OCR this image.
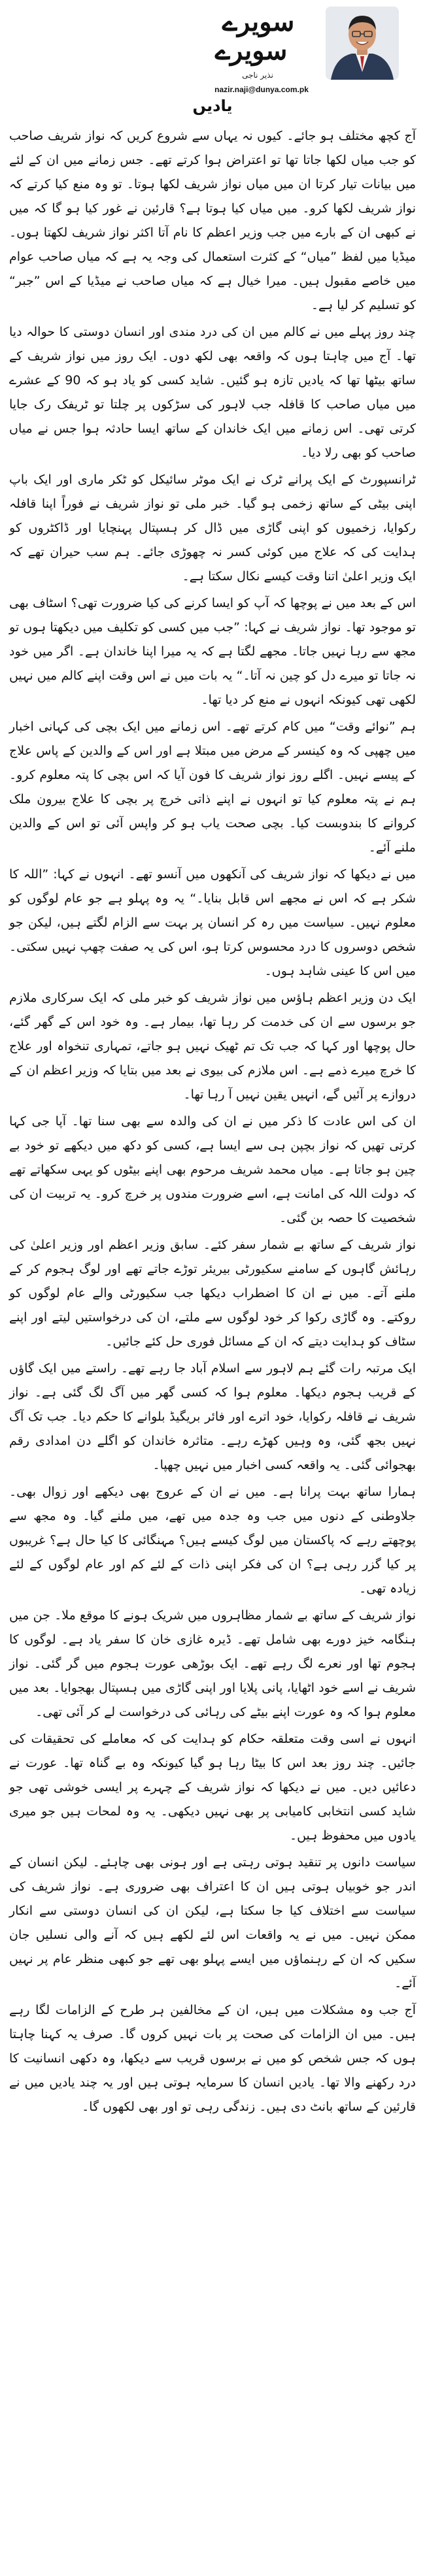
سویرے
سویرے
نذیر ناجی
nazir.naji@dunya.com.pk
یادیں

آج کچھ مختلف ہو جائے۔ کیوں نہ یہاں سے شروع کریں کہ نواز شریف صاحب کو جب میاں لکھا جاتا تھا تو اعتراض ہوا کرتے تھے۔ جس زمانے میں ان کے لئے میں بیانات تیار کرتا ان میں میاں نواز شریف لکھا ہوتا۔ تو وہ منع کیا کرتے کہ نواز شریف لکھا کرو۔ میں میاں کیا ہوتا ہے؟ قارئین نے غور کیا ہو گا کہ میں نے کبھی ان کے بارے میں جب وزیر اعظم کا نام آتا اکثر نواز شریف لکھتا ہوں۔ میڈیا میں لفظ ”میاں“ کے کثرت استعمال کی وجہ یہ ہے کہ میاں صاحب عوام میں خاصے مقبول ہیں۔ میرا خیال ہے کہ میاں صاحب نے میڈیا کے اس ”جبر“ کو تسلیم کر لیا ہے۔

چند روز پہلے میں نے کالم میں ان کی درد مندی اور انسان دوستی کا حوالہ دیا تھا۔ آج میں چاہتا ہوں کہ واقعہ بھی لکھ دوں۔ ایک روز میں نواز شریف کے ساتھ بیٹھا تھا کہ یادیں تازہ ہو گئیں۔ شاید کسی کو یاد ہو کہ 90 کے عشرے میں میاں صاحب کا قافلہ جب لاہور کی سڑکوں پر چلتا تو ٹریفک رک جایا کرتی تھی۔ اس زمانے میں ایک خاندان کے ساتھ ایسا حادثہ ہوا جس نے میاں صاحب کو بھی رلا دیا۔

ٹرانسپورٹ کے ایک پرانے ٹرک نے ایک موٹر سائیکل کو ٹکر ماری اور ایک باپ اپنی بیٹی کے ساتھ زخمی ہو گیا۔ خبر ملی تو نواز شریف نے فوراً اپنا قافلہ رکوایا، زخمیوں کو اپنی گاڑی میں ڈال کر ہسپتال پہنچایا اور ڈاکٹروں کو ہدایت کی کہ علاج میں کوئی کسر نہ چھوڑی جائے۔ ہم سب حیران تھے کہ ایک وزیر اعلیٰ اتنا وقت کیسے نکال سکتا ہے۔

اس کے بعد میں نے پوچھا کہ آپ کو ایسا کرنے کی کیا ضرورت تھی؟ اسٹاف بھی تو موجود تھا۔ نواز شریف نے کہا: ”جب میں کسی کو تکلیف میں دیکھتا ہوں تو مجھ سے رہا نہیں جاتا۔ مجھے لگتا ہے کہ یہ میرا اپنا خاندان ہے۔ اگر میں خود نہ جاتا تو میرے دل کو چین نہ آتا۔“ یہ بات میں نے اس وقت اپنے کالم میں نہیں لکھی تھی کیونکہ انہوں نے منع کر دیا تھا۔

ہم ”نوائے وقت“ میں کام کرتے تھے۔ اس زمانے میں ایک بچی کی کہانی اخبار میں چھپی کہ وہ کینسر کے مرض میں مبتلا ہے اور اس کے والدین کے پاس علاج کے پیسے نہیں۔ اگلے روز نواز شریف کا فون آیا کہ اس بچی کا پتہ معلوم کرو۔ ہم نے پتہ معلوم کیا تو انہوں نے اپنے ذاتی خرچ پر بچی کا علاج بیرون ملک کروانے کا بندوبست کیا۔ بچی صحت یاب ہو کر واپس آئی تو اس کے والدین ملنے آئے۔

میں نے دیکھا کہ نواز شریف کی آنکھوں میں آنسو تھے۔ انہوں نے کہا: ”اللہ کا شکر ہے کہ اس نے مجھے اس قابل بنایا۔“ یہ وہ پہلو ہے جو عام لوگوں کو معلوم نہیں۔ سیاست میں رہ کر انسان پر بہت سے الزام لگتے ہیں، لیکن جو شخص دوسروں کا درد محسوس کرتا ہو، اس کی یہ صفت چھپ نہیں سکتی۔ میں اس کا عینی شاہد ہوں۔

ایک دن وزیر اعظم ہاؤس میں نواز شریف کو خبر ملی کہ ایک سرکاری ملازم جو برسوں سے ان کی خدمت کر رہا تھا، بیمار ہے۔ وہ خود اس کے گھر گئے، حال پوچھا اور کہا کہ جب تک تم ٹھیک نہیں ہو جاتے، تمہاری تنخواہ اور علاج کا خرچ میرے ذمے ہے۔ اس ملازم کی بیوی نے بعد میں بتایا کہ وزیر اعظم ان کے دروازے پر آئیں گے، انہیں یقین نہیں آ رہا تھا۔

ان کی اس عادت کا ذکر میں نے ان کی والدہ سے بھی سنا تھا۔ آپا جی کہا کرتی تھیں کہ نواز بچپن ہی سے ایسا ہے، کسی کو دکھ میں دیکھے تو خود بے چین ہو جاتا ہے۔ میاں محمد شریف مرحوم بھی اپنے بیٹوں کو یہی سکھاتے تھے کہ دولت اللہ کی امانت ہے، اسے ضرورت مندوں پر خرچ کرو۔ یہ تربیت ان کی شخصیت کا حصہ بن گئی۔

نواز شریف کے ساتھ بے شمار سفر کئے۔ سابق وزیر اعظم اور وزیر اعلیٰ کی رہائش گاہوں کے سامنے سکیورٹی بیریئر توڑے جاتے تھے اور لوگ ہجوم کر کے ملنے آتے۔ میں نے ان کا اضطراب دیکھا جب سکیورٹی والے عام لوگوں کو روکتے۔ وہ گاڑی رکوا کر خود لوگوں سے ملتے، ان کی درخواستیں لیتے اور اپنے سٹاف کو ہدایت دیتے کہ ان کے مسائل فوری حل کئے جائیں۔

ایک مرتبہ رات گئے ہم لاہور سے اسلام آباد جا رہے تھے۔ راستے میں ایک گاؤں کے قریب ہجوم دیکھا۔ معلوم ہوا کہ کسی گھر میں آگ لگ گئی ہے۔ نواز شریف نے قافلہ رکوایا، خود اترے اور فائر بریگیڈ بلوانے کا حکم دیا۔ جب تک آگ نہیں بجھ گئی، وہ وہیں کھڑے رہے۔ متاثرہ خاندان کو اگلے دن امدادی رقم بھجوائی گئی۔ یہ واقعہ کسی اخبار میں نہیں چھپا۔

ہمارا ساتھ بہت پرانا ہے۔ میں نے ان کے عروج بھی دیکھے اور زوال بھی۔ جلاوطنی کے دنوں میں جب وہ جدہ میں تھے، میں ملنے گیا۔ وہ مجھ سے پوچھتے رہے کہ پاکستان میں لوگ کیسے ہیں؟ مہنگائی کا کیا حال ہے؟ غریبوں پر کیا گزر رہی ہے؟ ان کی فکر اپنی ذات کے لئے کم اور عام لوگوں کے لئے زیادہ تھی۔

نواز شریف کے ساتھ بے شمار مظاہروں میں شریک ہونے کا موقع ملا۔ جن میں ہنگامہ خیز دورے بھی شامل تھے۔ ڈیرہ غازی خان کا سفر یاد ہے۔ لوگوں کا ہجوم تھا اور نعرے لگ رہے تھے۔ ایک بوڑھی عورت ہجوم میں گر گئی۔ نواز شریف نے اسے خود اٹھایا، پانی پلایا اور اپنی گاڑی میں ہسپتال بھجوایا۔ بعد میں معلوم ہوا کہ وہ عورت اپنے بیٹے کی رہائی کی درخواست لے کر آئی تھی۔

انہوں نے اسی وقت متعلقہ حکام کو ہدایت کی کہ معاملے کی تحقیقات کی جائیں۔ چند روز بعد اس کا بیٹا رہا ہو گیا کیونکہ وہ بے گناہ تھا۔ عورت نے دعائیں دیں۔ میں نے دیکھا کہ نواز شریف کے چہرے پر ایسی خوشی تھی جو شاید کسی انتخابی کامیابی پر بھی نہیں دیکھی۔ یہ وہ لمحات ہیں جو میری یادوں میں محفوظ ہیں۔

سیاست دانوں پر تنقید ہوتی رہتی ہے اور ہونی بھی چاہئے۔ لیکن انسان کے اندر جو خوبیاں ہوتی ہیں ان کا اعتراف بھی ضروری ہے۔ نواز شریف کی سیاست سے اختلاف کیا جا سکتا ہے، لیکن ان کی انسان دوستی سے انکار ممکن نہیں۔ میں نے یہ واقعات اس لئے لکھے ہیں کہ آنے والی نسلیں جان سکیں کہ ان کے رہنماؤں میں ایسے پہلو بھی تھے جو کبھی منظر عام پر نہیں آئے۔

آج جب وہ مشکلات میں ہیں، ان کے مخالفین ہر طرح کے الزامات لگا رہے ہیں۔ میں ان الزامات کی صحت پر بات نہیں کروں گا۔ صرف یہ کہنا چاہتا ہوں کہ جس شخص کو میں نے برسوں قریب سے دیکھا، وہ دکھی انسانیت کا درد رکھنے والا تھا۔ یادیں انسان کا سرمایہ ہوتی ہیں اور یہ چند یادیں میں نے قارئین کے ساتھ بانٹ دی ہیں۔ زندگی رہی تو اور بھی لکھوں گا۔
